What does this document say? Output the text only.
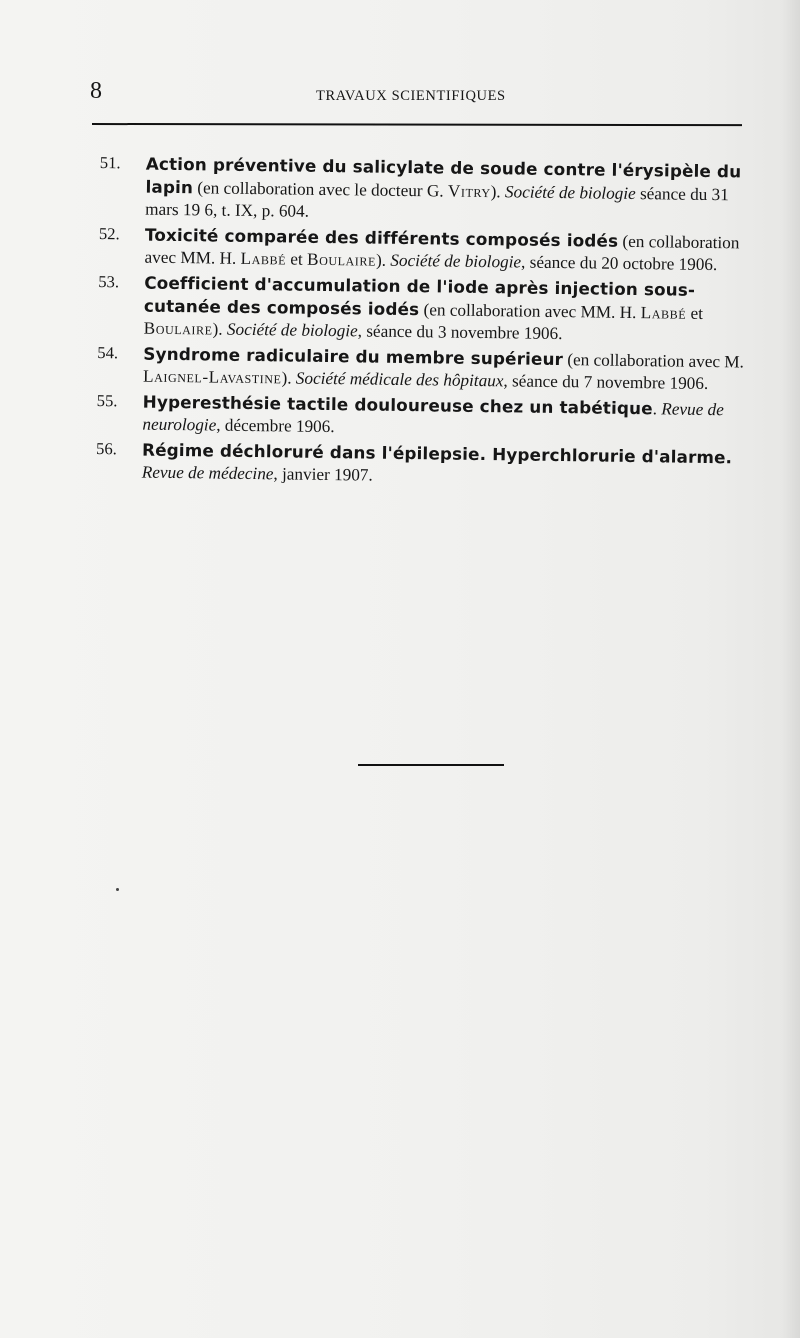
8	TRAVAUX SCIENTIFIQUES
51.	Action préventive du salicylate de soude contre l'érysipèle du lapin (en collaboration avec le docteur G. Vitry). Société de biologie séance du 31 mars 19 6, t. IX, p. 604.
52.	Toxicité comparée des différents composés iodés (en collaboration avec MM. H. Labbé et Boulaire). Société de biologie, séance du 20 octobre 1906.
53.	Coefficient d'accumulation de l'iode après injection sous-cutanée des composés iodés (en collaboration avec MM. H. Labbé et Boulaire). Société de biologie, séance du 3 novembre 1906.
54.	Syndrome radiculaire du membre supérieur (en collaboration avec M. Laignel-Lavastine). Société médicale des hôpitaux, séance du 7 novembre 1906.
55.	Hyperesthésie tactile douloureuse chez un tabétique. Revue de neurologie, décembre 1906.
56.	Régime déchloruré dans l'épilepsie. Hyperchlorurie d'alarme. Revue de médecine, janvier 1907.
